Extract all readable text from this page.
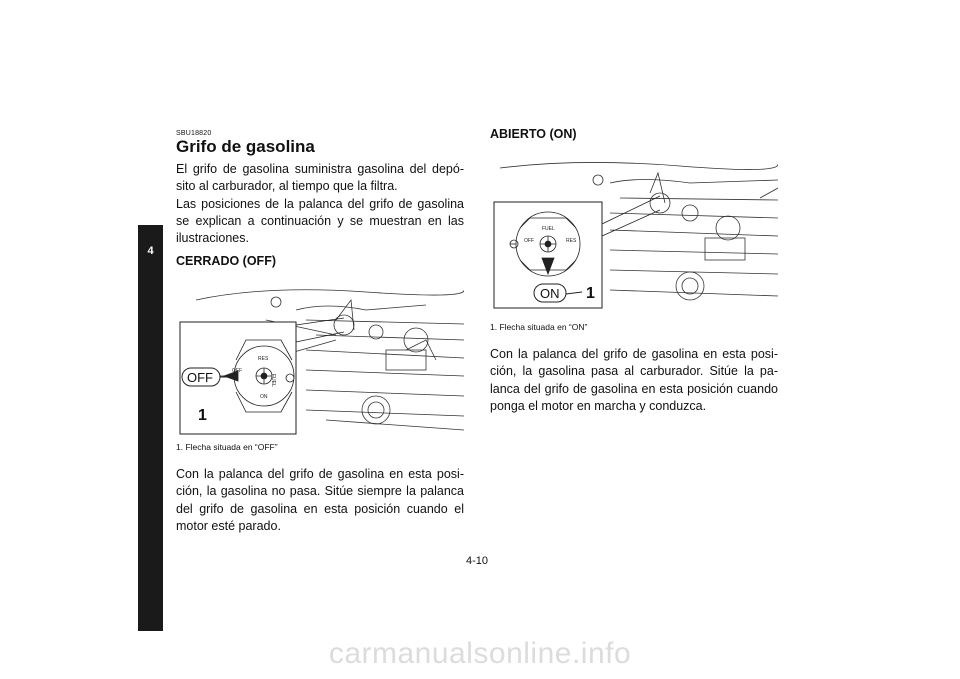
4
SBU18820
Grifo de gasolina

El grifo de gasolina suministra gasolina del depó-sito al carburador, al tiempo que la filtra.

Las posiciones de la palanca del grifo de gasolina se explican a continuación y se muestran en las ilustraciones.

CERRADO (OFF)
RES
FUEL
ON
OFF
OFF
1
1. Flecha situada en “OFF”

Con la palanca del grifo de gasolina en esta posi-ción, la gasolina no pasa. Sitúe siempre la palanca del grifo de gasolina en esta posición cuando el motor esté parado.

ABIERTO (ON)
FUEL
OFF	RES
ON 1
1. Flecha situada en “ON”

Con la palanca del grifo de gasolina en esta posi-ción, la gasolina pasa al carburador. Sitúe la pa-lanca del grifo de gasolina en esta posición cuando ponga el motor en marcha y conduzca.

4-10
carmanualsonline.info
